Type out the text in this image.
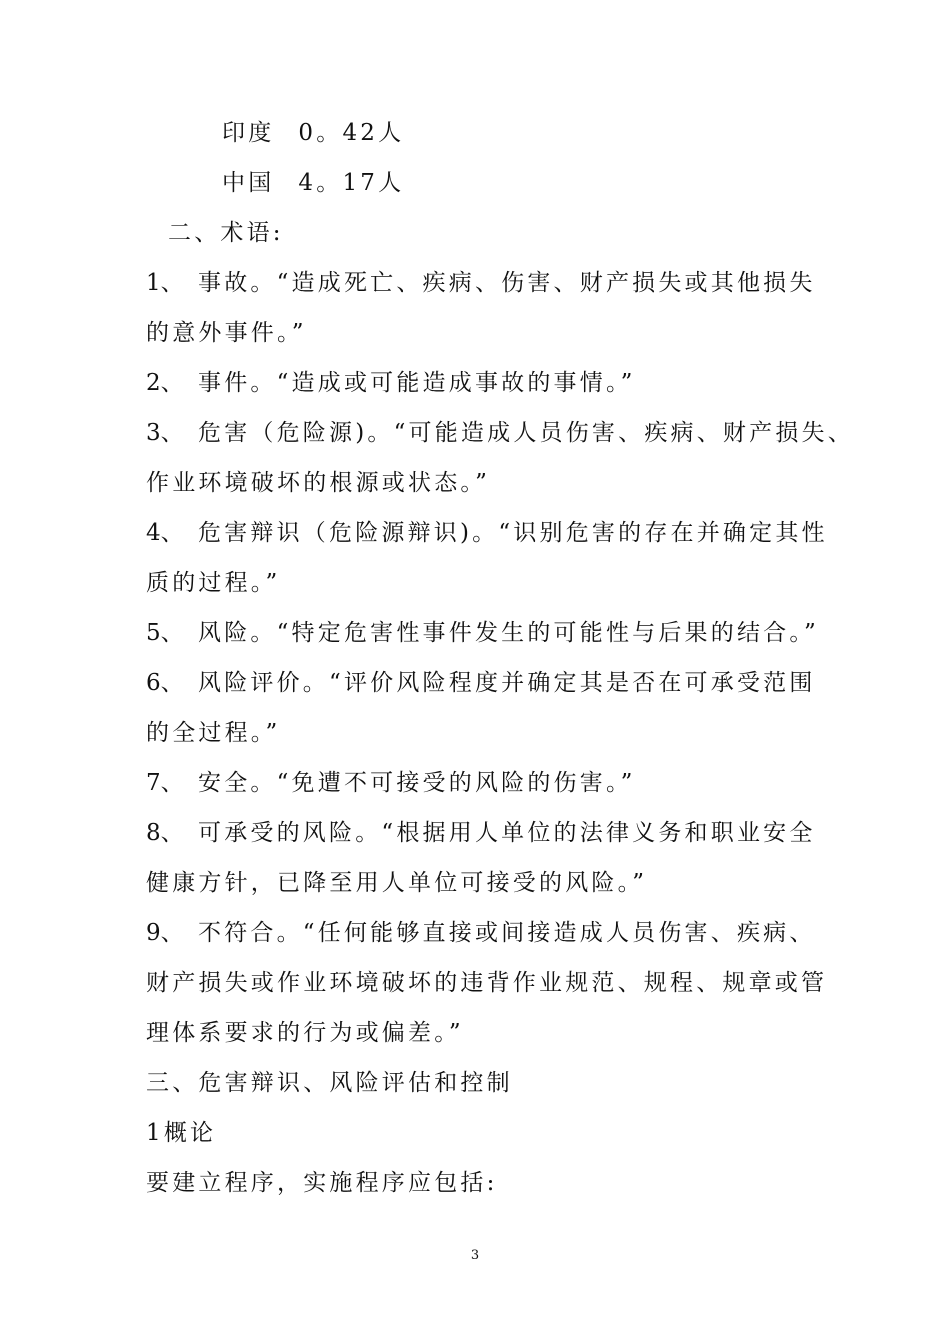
印度 0。42人
中国 4。17人
二、术语:
1、 事故。“造成死亡、疾病、伤害、财产损失或其他损失
的意外事件。”
2、 事件。“造成或可能造成事故的事情。”
3、 危害（危险源)。“可能造成人员伤害、疾病、财产损失、
作业环境破坏的根源或状态。”
4、 危害辩识（危险源辩识)。“识别危害的存在并确定其性
质的过程。”
5、 风险。“特定危害性事件发生的可能性与后果的结合。”
6、 风险评价。“评价风险程度并确定其是否在可承受范围
的全过程。”
7、 安全。“免遭不可接受的风险的伤害。”
8、 可承受的风险。“根据用人单位的法律义务和职业安全
健康方针，已降至用人单位可接受的风险。”
9、 不符合。“任何能够直接或间接造成人员伤害、疾病、
财产损失或作业环境破坏的违背作业规范、规程、规章或管
理体系要求的行为或偏差。”
三、危害辩识、风险评估和控制
1概论
要建立程序，实施程序应包括:
3
